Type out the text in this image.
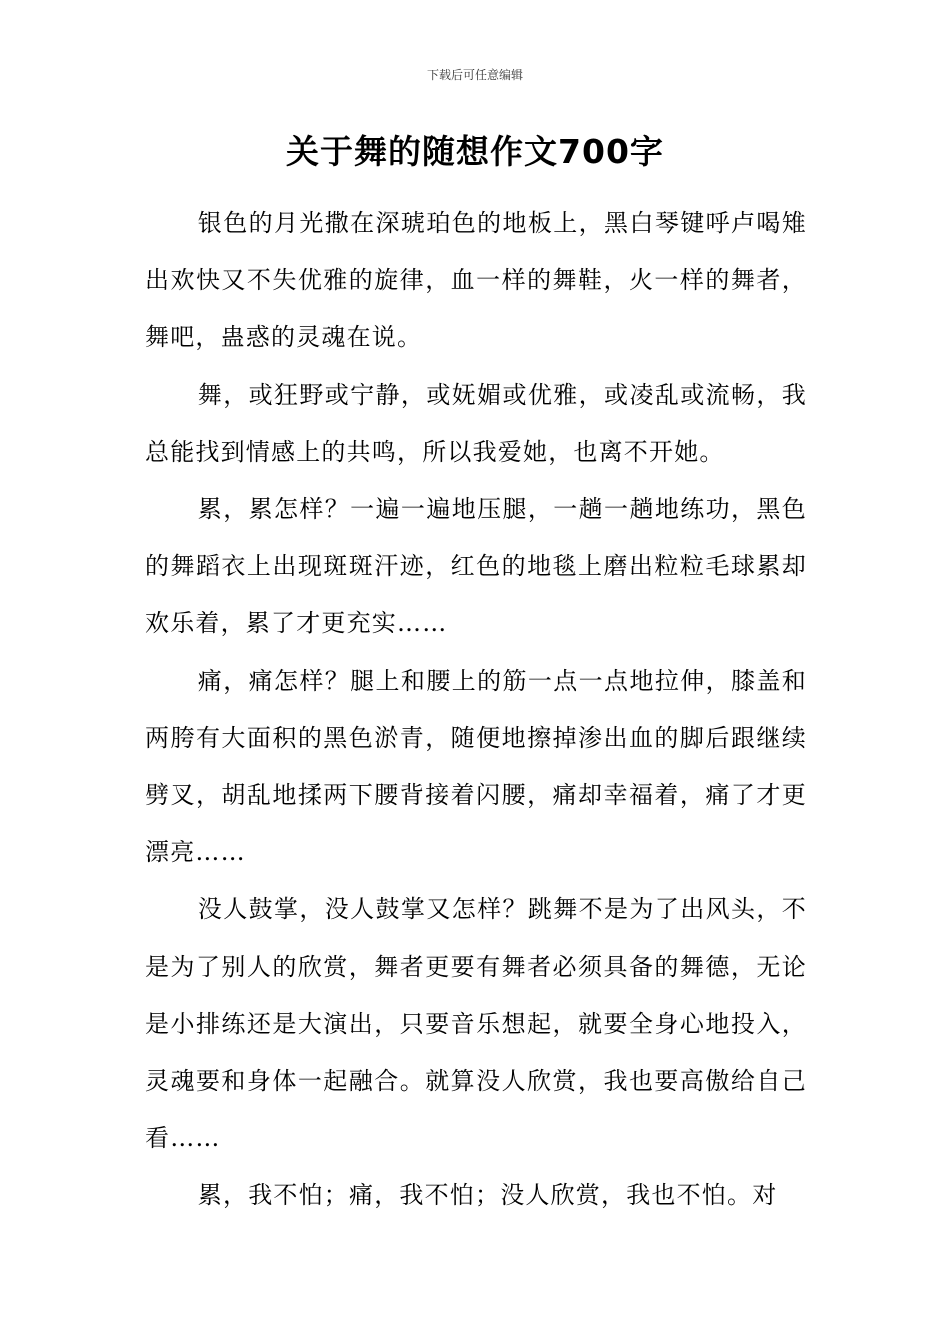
下载后可任意编辑
关于舞的随想作文700字

银色的月光撒在深琥珀色的地板上，黑白琴键呼卢喝雉出欢快又不失优雅的旋律，血一样的舞鞋，火一样的舞者，舞吧，蛊惑的灵魂在说。

舞，或狂野或宁静，或妩媚或优雅，或凌乱或流畅，我总能找到情感上的共鸣，所以我爱她，也离不开她。

累，累怎样？一遍一遍地压腿，一趟一趟地练功，黑色的舞蹈衣上出现斑斑汗迹，红色的地毯上磨出粒粒毛球累却欢乐着，累了才更充实……

痛，痛怎样？腿上和腰上的筋一点一点地拉伸，膝盖和两胯有大面积的黑色淤青，随便地擦掉渗出血的脚后跟继续劈叉，胡乱地揉两下腰背接着闪腰，痛却幸福着，痛了才更漂亮……

没人鼓掌，没人鼓掌又怎样？跳舞不是为了出风头，不是为了别人的欣赏，舞者更要有舞者必须具备的舞德，无论是小排练还是大演出，只要音乐想起，就要全身心地投入，灵魂要和身体一起融合。就算没人欣赏，我也要高傲给自己看……

累，我不怕；痛，我不怕；没人欣赏，我也不怕。对
